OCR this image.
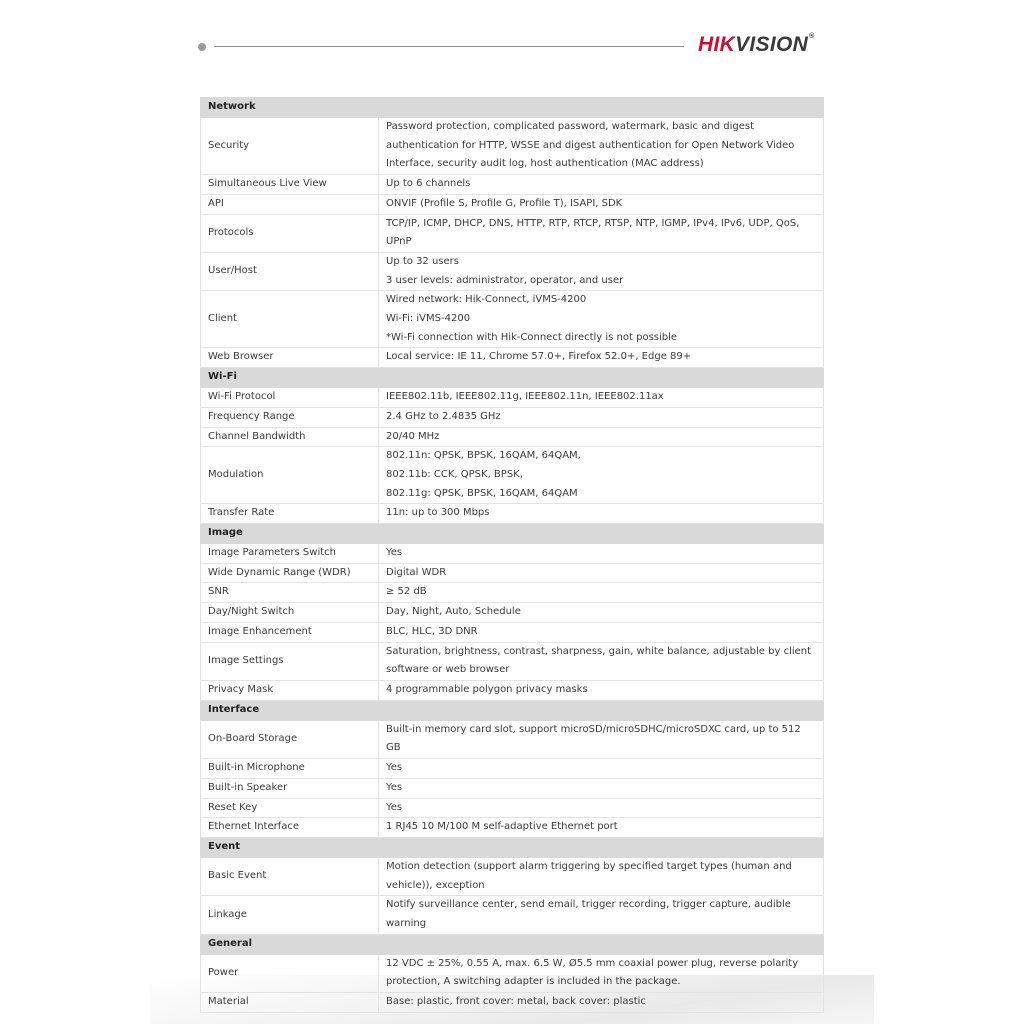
HIKVISION®
Network	
Security	Password protection, complicated password, watermark, basic and digest
authentication for HTTP, WSSE and digest authentication for Open Network Video
Interface, security audit log, host authentication (MAC address)

Simultaneous Live View	Up to 6 channels

API	ONVIF (Profile S, Profile G, Profile T), ISAPI, SDK

Protocols	TCP/IP, ICMP, DHCP, DNS, HTTP, RTP, RTCP, RTSP, NTP, IGMP, IPv4, IPv6, UDP, QoS,
UPnP

User/Host	Up to 32 users
3 user levels: administrator, operator, and user

Client	Wired network: Hik-Connect, iVMS-4200
Wi-Fi: iVMS-4200
*Wi-Fi connection with Hik-Connect directly is not possible

Web Browser	Local service: IE 11, Chrome 57.0+, Firefox 52.0+, Edge 89+

Wi-Fi	
Wi-Fi Protocol	IEEE802.11b, IEEE802.11g, IEEE802.11n, IEEE802.11ax

Frequency Range	2.4 GHz to 2.4835 GHz

Channel Bandwidth	20/40 MHz

Modulation	802.11n: QPSK, BPSK, 16QAM, 64QAM,
802.11b: CCK, QPSK, BPSK,
802.11g: QPSK, BPSK, 16QAM, 64QAM

Transfer Rate	11n: up to 300 Mbps

Image	
Image Parameters Switch	Yes

Wide Dynamic Range (WDR)	Digital WDR

SNR	≥ 52 dB

Day/Night Switch	Day, Night, Auto, Schedule

Image Enhancement	BLC, HLC, 3D DNR

Image Settings	Saturation, brightness, contrast, sharpness, gain, white balance, adjustable by client
software or web browser

Privacy Mask	4 programmable polygon privacy masks

Interface	
On-Board Storage	Built-in memory card slot, support microSD/microSDHC/microSDXC card, up to 512 GB

Built-in Microphone	Yes

Built-in Speaker	Yes

Reset Key	Yes

Ethernet Interface	1 RJ45 10 M/100 M self-adaptive Ethernet port

Event	
Basic Event	Motion detection (support alarm triggering by specified target types (human and
vehicle)), exception

Linkage	Notify surveillance center, send email, trigger recording, trigger capture, audible
warning

General	
Power	12 VDC ± 25%, 0.55 A, max. 6.5 W, Ø5.5 mm coaxial power plug, reverse polarity
protection, A switching adapter is included in the package.

Material	Base: plastic, front cover: metal, back cover: plastic
